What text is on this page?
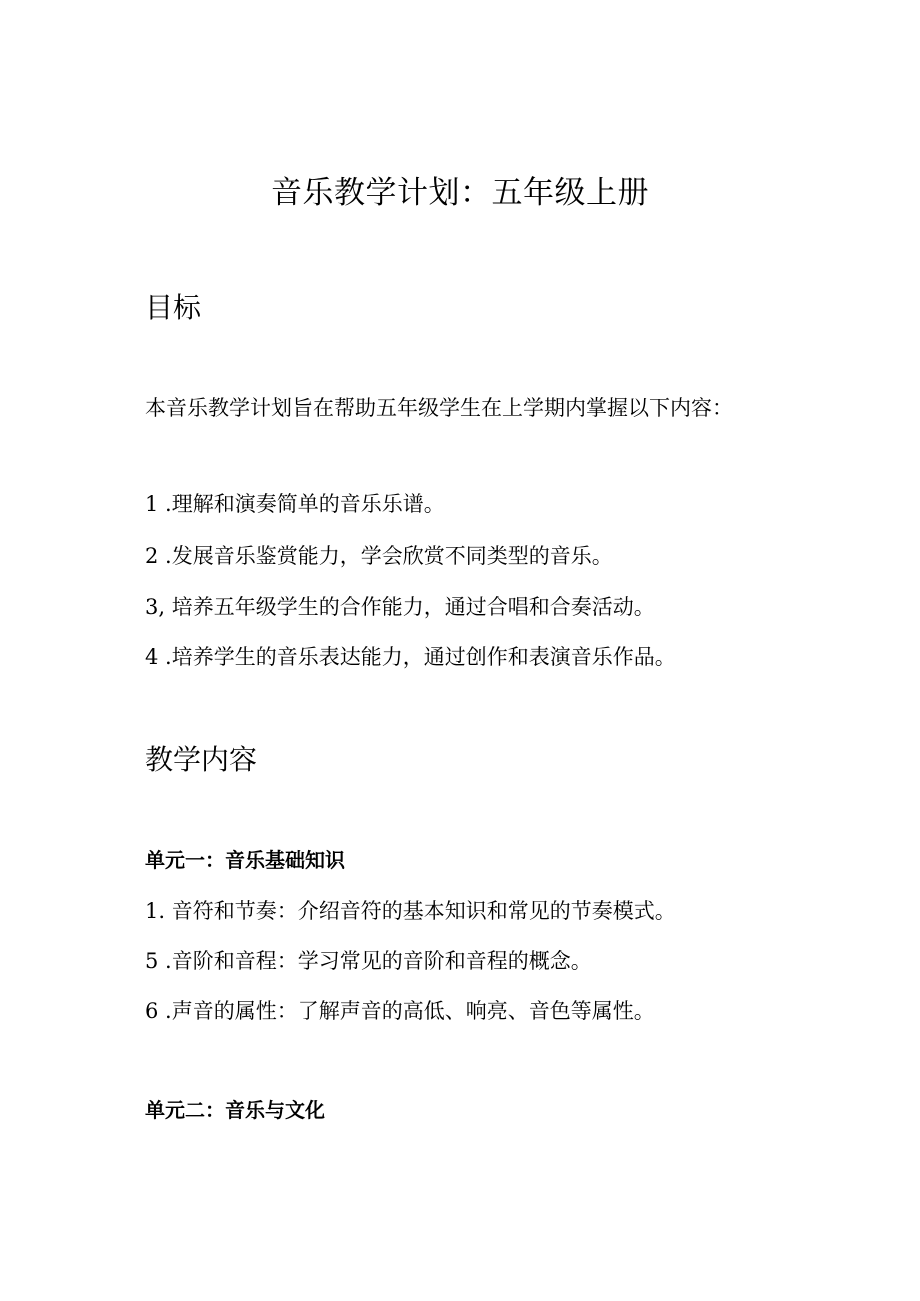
音乐教学计划：五年级上册
目标

本音乐教学计划旨在帮助五年级学生在上学期内掌握以下内容：

1 .理解和演奏简单的音乐乐谱。

2 .发展音乐鉴赏能力，学会欣赏不同类型的音乐。

3, 培养五年级学生的合作能力，通过合唱和合奏活动。

4 .培养学生的音乐表达能力，通过创作和表演音乐作品。

教学内容

单元一：音乐基础知识

1. 音符和节奏：介绍音符的基本知识和常见的节奏模式。

5 .音阶和音程：学习常见的音阶和音程的概念。

6 .声音的属性：了解声音的高低、响亮、音色等属性。

单元二：音乐与文化
